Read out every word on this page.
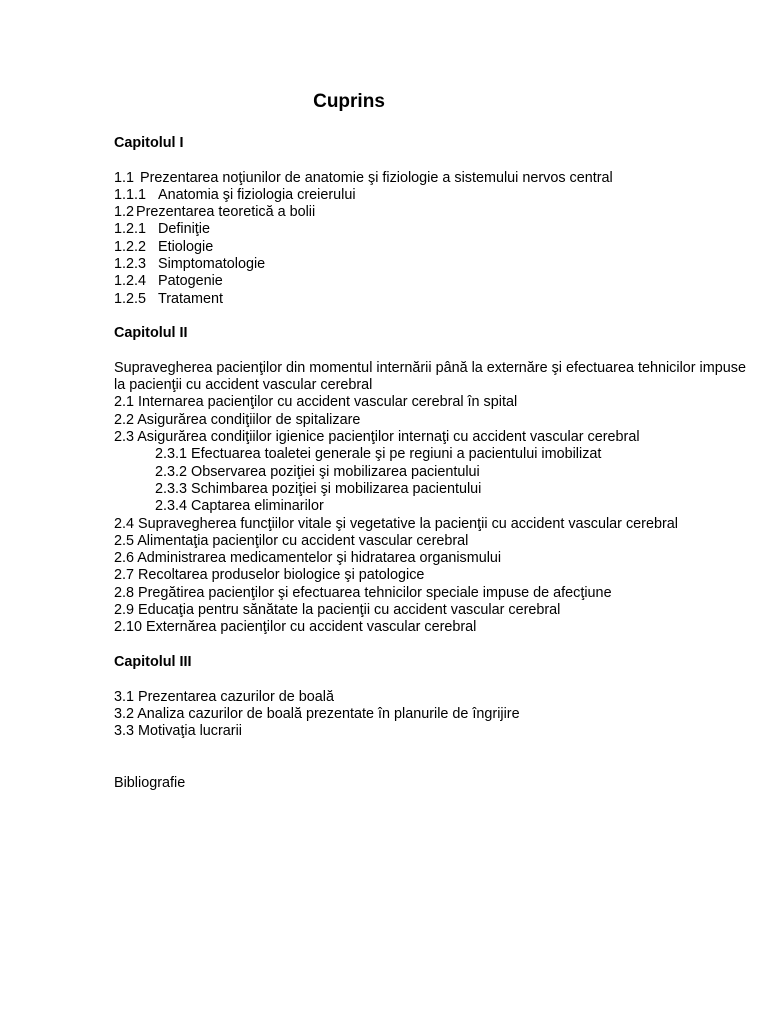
Cuprins

Capitolul I

1.1 Prezentarea noţiunilor de anatomie şi fiziologie a sistemului nervos central

1.1.1 Anatomia şi fiziologia creierului

1.2 Prezentarea teoretică a bolii

1.2.1 Definiţie

1.2.2 Etiologie

1.2.3 Simptomatologie

1.2.4 Patogenie

1.2.5 Tratament

Capitolul II

Supravegherea pacienţilor din momentul internării până la externăre şi efectuarea tehnicilor impuse la pacienţii cu accident vascular cerebral

2.1 Internarea pacienţilor cu accident vascular cerebral în spital

2.2 Asigurărea condiţiilor de spitalizare

2.3 Asigurărea condiţiilor igienice pacienţilor internaţi cu accident vascular cerebral

2.3.1 Efectuarea toaletei generale şi pe regiuni a pacientului imobilizat

2.3.2 Observarea poziţiei şi mobilizarea pacientului

2.3.3 Schimbarea poziţiei şi mobilizarea pacientului

2.3.4 Captarea eliminarilor

2.4 Supravegherea funcţiilor vitale şi vegetative la pacienţii cu accident vascular cerebral

2.5 Alimentaţia pacienţilor cu accident vascular cerebral

2.6 Administrarea medicamentelor şi hidratarea organismului

2.7 Recoltarea produselor biologice şi patologice

2.8 Pregătirea pacienţilor şi efectuarea tehnicilor speciale impuse de afecţiune

2.9 Educaţia pentru sănătate la pacienţii cu accident vascular cerebral

2.10 Externărea pacienţilor cu accident vascular cerebral

Capitolul III

3.1 Prezentarea cazurilor de boală

3.2 Analiza cazurilor de boală prezentate în planurile de îngrijire

3.3 Motivaţia lucrarii

Bibliografie
